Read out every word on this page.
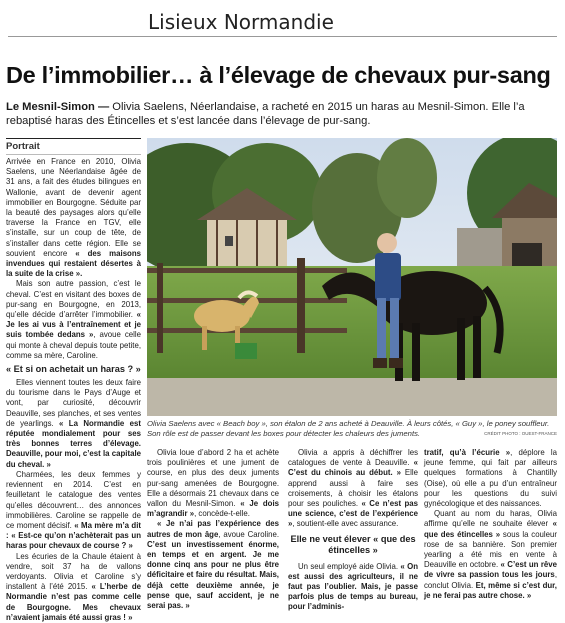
Lisieux Normandie
De l’immobilier… à l’élevage de chevaux pur-sang
Le Mesnil-Simon — Olivia Saelens, Néerlandaise, a racheté en 2015 un haras au Mesnil-Simon. Elle l’a rebaptisé haras des Étincelles et s’est lancée dans l’élevage de pur-sang.
Portrait

Arrivée en France en 2010, Olivia Saelens, une Néerlandaise âgée de 31 ans, a fait des études bilingues en Wallonie, avant de devenir agent immobilier en Bourgogne. Séduite par la beauté des paysages alors qu’elle traverse la France en TGV, elle s’installe, sur un coup de tête, de s’installer dans cette région. Elle se souvient encore « des maisons invendues qui restaient désertes à la suite de la crise ».

Mais son autre passion, c’est le cheval. C’est en visitant des boxes de pur-sang en Bourgogne, en 2013, qu’elle décide d’arrêter l’immobilier. « Je les ai vus à l’entraînement et je suis tombée dedans », avoue celle qui monte à cheval depuis toute petite, comme sa mère, Caroline.

« Et si on achetait un haras ? »

Elles viennent toutes les deux faire du tourisme dans le Pays d’Auge et vont, par curiosité, découvrir Deauville, ses planches, et ses ventes de yearlings. « La Normandie est réputée mondialement pour ses très bonnes terres d’élevage. Deauville, pour moi, c’est la capitale du cheval. »

Charmées, les deux femmes y reviennent en 2014. C’est en feuilletant le catalogue des ventes qu’elles découvrent… des annonces immobilières. Caroline se rappelle de ce moment décisif. « Ma mère m’a dit : « Est-ce qu’on n’achèterait pas un haras pour chevaux de course ? »

Les écuries de la Chaule étaient à vendre, soit 37 ha de vallons verdoyants. Olivia et Caroline s’y installent à l’été 2015. « L’herbe de Normandie n’est pas comme celle de Bourgogne. Mes chevaux n’avaient jamais été aussi gras ! »

Olivia Saelens avec « Beach boy », son étalon de 2 ans acheté à Deauville. À leurs côtés, « Guy », le poney souffleur. Son rôle est de passer devant les boxes pour détecter les chaleurs des juments.	CRÉDIT PHOTO : OUEST-FRANCE

Olivia loue d’abord 2 ha et achète trois poulinières et une jument de course, en plus des deux juments pur-sang amenées de Bourgogne. Elle a désormais 21 chevaux dans ce vallon du Mesnil-Simon. « Je dois m’agrandir », concède-t-elle.

« Je n’ai pas l’expérience des autres de mon âge, avoue Caroline. C’est un investissement énorme, en temps et en argent. Je me donne cinq ans pour ne plus être déficitaire et faire du résultat. Mais, déjà cette deuxième année, je pense que, sauf accident, je ne serai pas. »

Olivia a appris à déchiffrer les catalogues de vente à Deauville. « C’est du chinois au début. » Elle apprend aussi à faire ses croisements, à choisir les étalons pour ses pouliches. « Ce n’est pas une science, c’est de l’expérience », soutient-elle avec assurance.

Elle ne veut élever « que des étincelles »

Un seul employé aide Olivia. « On est aussi des agriculteurs, il ne faut pas l’oublier. Mais, je passe parfois plus de temps au bureau, pour l’adminis-

tratif, qu’à l’écurie », déplore la jeune femme, qui fait par ailleurs quelques formations à Chantilly (Oise), où elle a pu d’un entraîneur pour les questions du suivi gynécologique et des naissances.

Quant au nom du haras, Olivia affirme qu’elle ne souhaite élever « que des étincelles » sous la couleur rose de sa bannière. Son premier yearling a été mis en vente à Deauville en octobre. « C’est un rêve de vivre sa passion tous les jours, conclut Olivia. Et, même si c’est dur, je ne ferai pas autre chose. »
